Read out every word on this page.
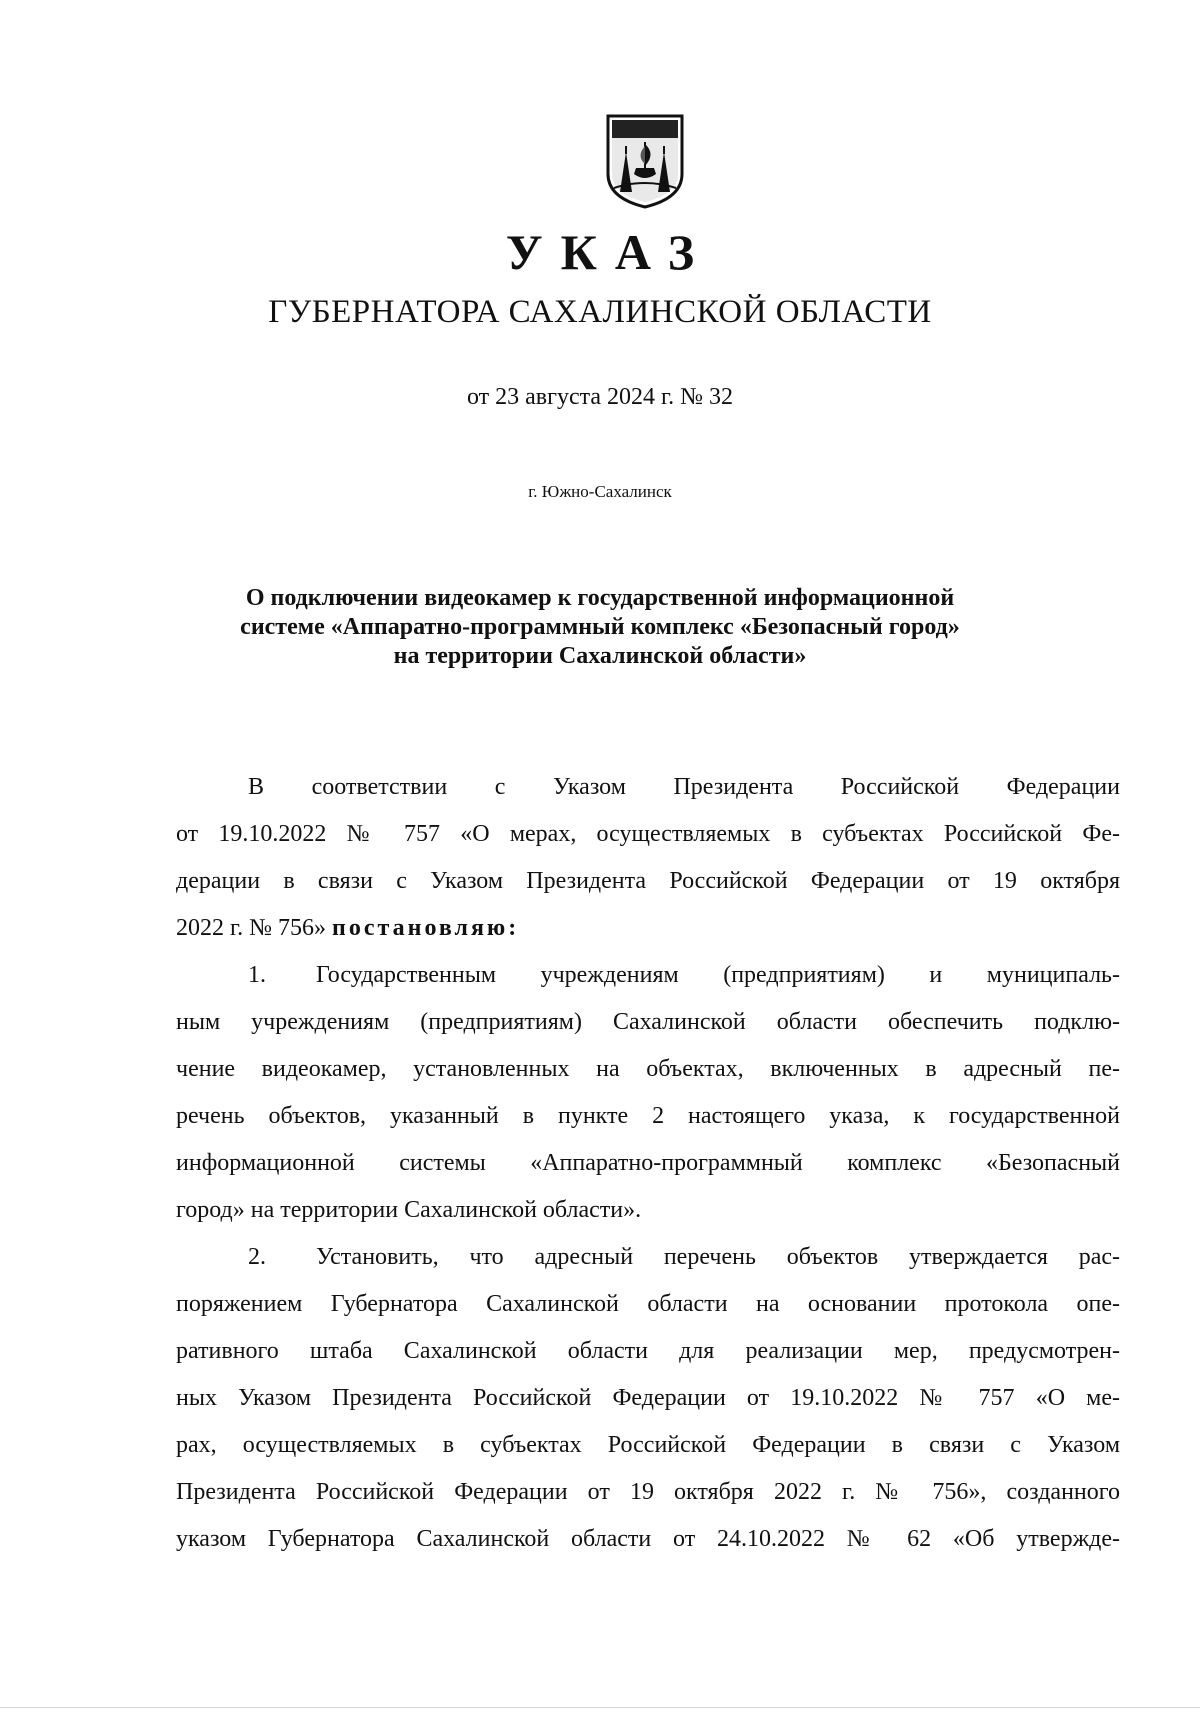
УКАЗ
ГУБЕРНАТОРА САХАЛИНСКОЙ ОБЛАСТИ
от 23 августа 2024 г. № 32
г. Южно-Сахалинск
О подключении видеокамер к государственной информационной
системе «Аппаратно-программный комплекс «Безопасный город»
на территории Сахалинской области»

В соответствии с Указом Президента Российской Федерации
от 19.10.2022 № 757 «О мерах, осуществляемых в субъектах Российской Фе-
дерации в связи с Указом Президента Российской Федерации от 19 октября
2022 г. № 756» постановляю:

1. Государственным учреждениям (предприятиям) и муниципаль-
ным учреждениям (предприятиям) Сахалинской области обеспечить подклю-
чение видеокамер, установленных на объектах, включенных в адресный пе-
речень объектов, указанный в пункте 2 настоящего указа, к государственной
информационной системы «Аппаратно-программный комплекс «Безопасный
город» на территории Сахалинской области».

2. Установить, что адресный перечень объектов утверждается рас-
поряжением Губернатора Сахалинской области на основании протокола опе-
ративного штаба Сахалинской области для реализации мер, предусмотрен-
ных Указом Президента Российской Федерации от 19.10.2022 № 757 «О ме-
рах, осуществляемых в субъектах Российской Федерации в связи с Указом
Президента Российской Федерации от 19 октября 2022 г. № 756», созданного
указом Губернатора Сахалинской области от 24.10.2022 № 62 «Об утвержде-
